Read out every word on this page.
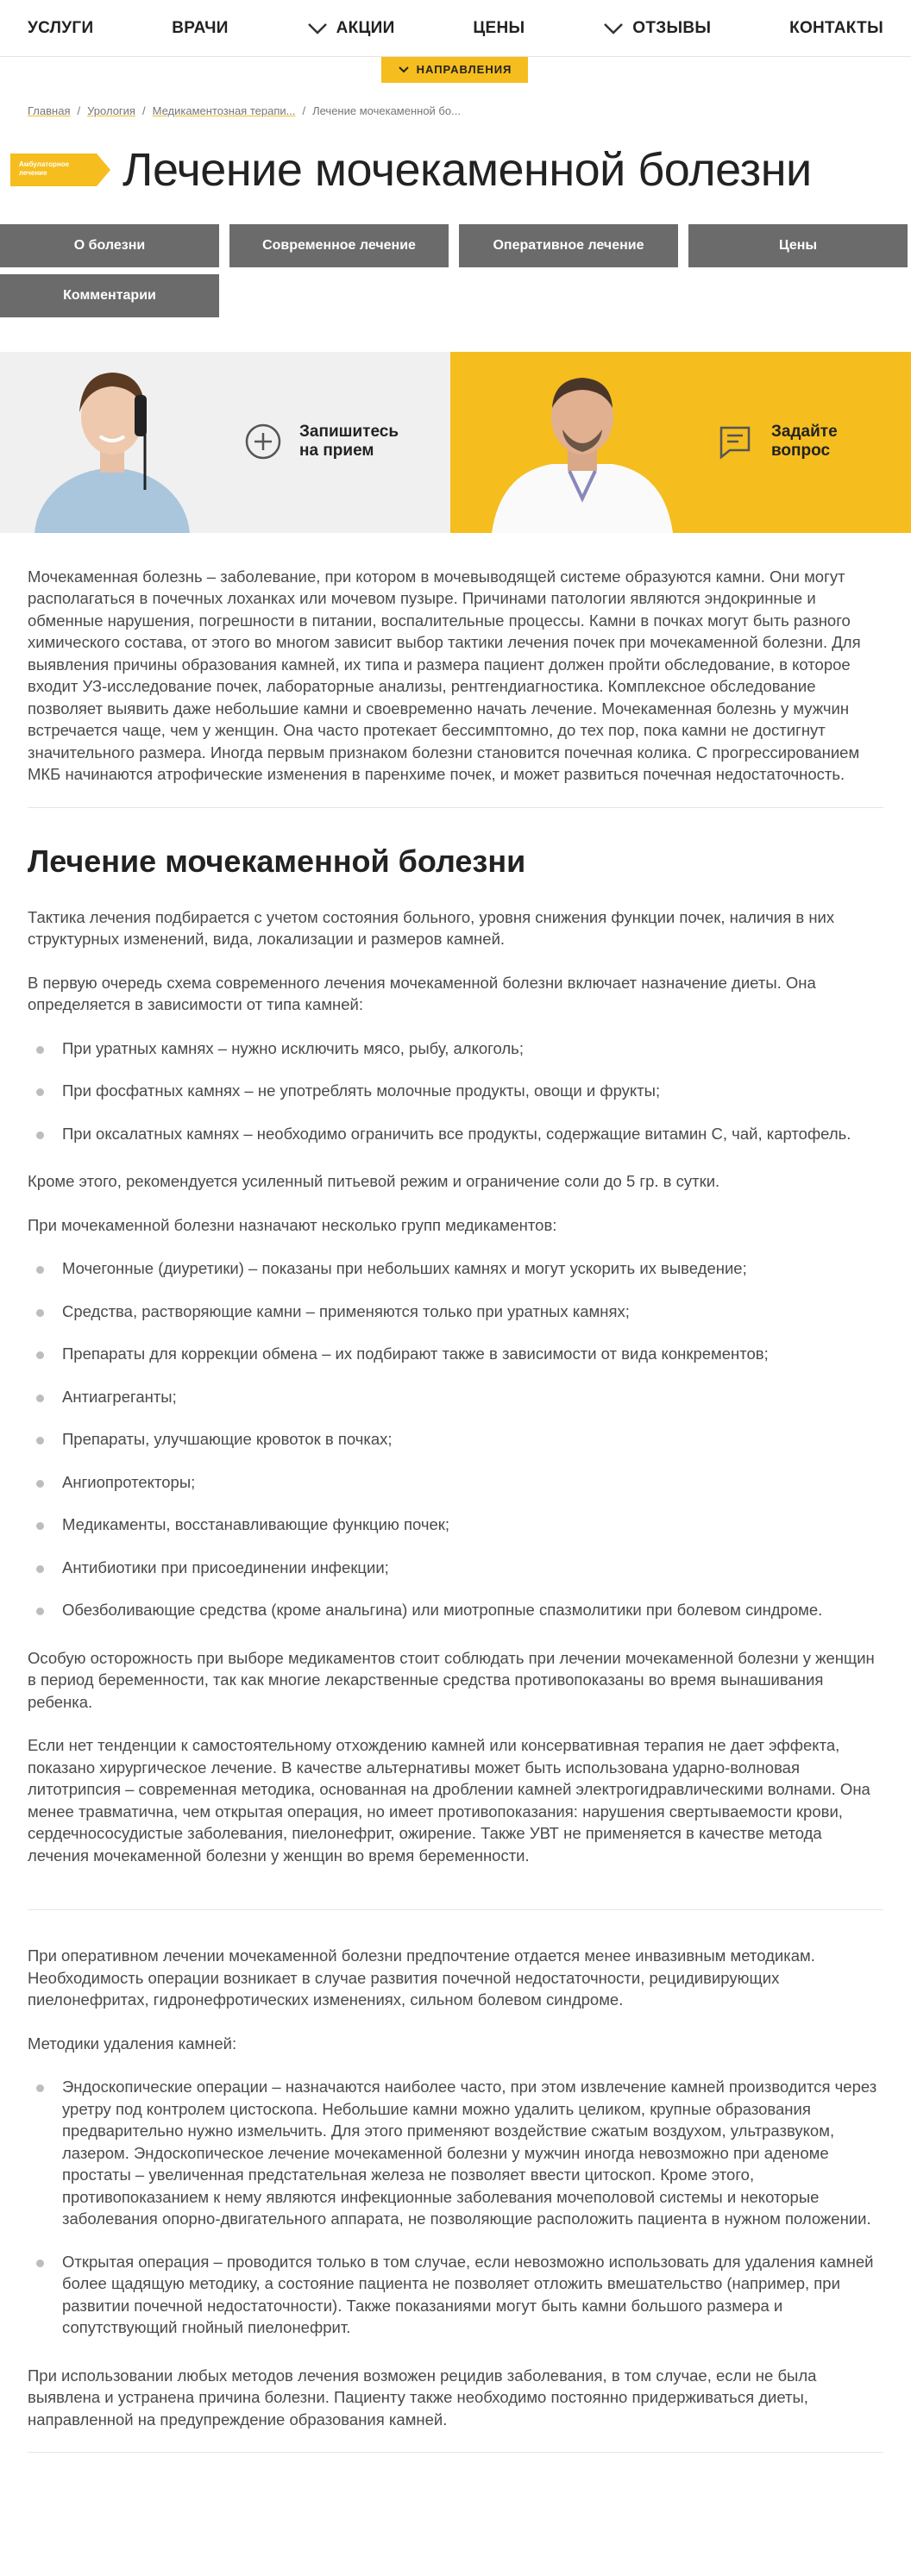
УСЛУГИ	ВРАЧИ	АКЦИИ	ЦЕНЫ	ОТЗЫВЫ	КОНТАКТЫ
НАПРАВЛЕНИЯ
Главная / Урология / Медикаментозная терапи... / Лечение мочекаменной бо...
Амбулаторное лечение	Лечение мочекаменной болезни
О болезни	Современное лечение	Оперативное лечение	Цены
Комментарии
Запишитесь на прием
Задайте вопрос

Мочекаменная болезнь – заболевание, при котором в мочевыводящей системе образуются камни. Они могут располагаться в почечных лоханках или мочевом пузыре. Причинами патологии являются эндокринные и обменные нарушения, погрешности в питании, воспалительные процессы. Камни в почках могут быть разного химического состава, от этого во многом зависит выбор тактики лечения почек при мочекаменной болезни. Для выявления причины образования камней, их типа и размера пациент должен пройти обследование, в которое входит УЗ-исследование почек, лабораторные анализы, рентгендиагностика. Комплексное обследование позволяет выявить даже небольшие камни и своевременно начать лечение. Мочекаменная болезнь у мужчин встречается чаще, чем у женщин. Она часто протекает бессимптомно, до тех пор, пока камни не достигнут значительного размера. Иногда первым признаком болезни становится почечная колика. С прогрессированием МКБ начинаются атрофические изменения в паренхиме почек, и может развиться почечная недостаточность.

Лечение мочекаменной болезни

Тактика лечения подбирается с учетом состояния больного, уровня снижения функции почек, наличия в них структурных изменений, вида, локализации и размеров камней.

В первую очередь схема современного лечения мочекаменной болезни включает назначение диеты. Она определяется в зависимости от типа камней:

При уратных камнях – нужно исключить мясо, рыбу, алкоголь;
При фосфатных камнях – не употреблять молочные продукты, овощи и фрукты;
При оксалатных камнях – необходимо ограничить все продукты, содержащие витамин С, чай, картофель.

Кроме этого, рекомендуется усиленный питьевой режим и ограничение соли до 5 гр. в сутки.

При мочекаменной болезни назначают несколько групп медикаментов:

Мочегонные (диуретики) – показаны при небольших камнях и могут ускорить их выведение;
Средства, растворяющие камни – применяются только при уратных камнях;
Препараты для коррекции обмена – их подбирают также в зависимости от вида конкрементов;
Антиагреганты;
Препараты, улучшающие кровоток в почках;
Ангиопротекторы;
Медикаменты, восстанавливающие функцию почек;
Антибиотики при присоединении инфекции;
Обезболивающие средства (кроме анальгина) или миотропные спазмолитики при болевом синдроме.

Особую осторожность при выборе медикаментов стоит соблюдать при лечении мочекаменной болезни у женщин в период беременности, так как многие лекарственные средства противопоказаны во время вынашивания ребенка.

Если нет тенденции к самостоятельному отхождению камней или консервативная терапия не дает эффекта, показано хирургическое лечение. В качестве альтернативы может быть использована ударно-волновая литотрипсия – современная методика, основанная на дроблении камней электрогидравлическими волнами. Она менее травматична, чем открытая операция, но имеет противопоказания: нарушения свертываемости крови, сердечнососудистые заболевания, пиелонефрит, ожирение. Также УВТ не применяется в качестве метода лечения мочекаменной болезни у женщин во время беременности.

При оперативном лечении мочекаменной болезни предпочтение отдается менее инвазивным методикам. Необходимость операции возникает в случае развития почечной недостаточности, рецидивирующих пиелонефритах, гидронефротических изменениях, сильном болевом синдроме.

Методики удаления камней:

Эндоскопические операции – назначаются наиболее часто, при этом извлечение камней производится через уретру под контролем цистоскопа. Небольшие камни можно удалить целиком, крупные образования предварительно нужно измельчить. Для этого применяют воздействие сжатым воздухом, ультразвуком, лазером. Эндоскопическое лечение мочекаменной болезни у мужчин иногда невозможно при аденоме простаты – увеличенная предстательная железа не позволяет ввести цитоскоп. Кроме этого, противопоказанием к нему являются инфекционные заболевания мочеполовой системы и некоторые заболевания опорно-двигательного аппарата, не позволяющие расположить пациента в нужном положении.
Открытая операция – проводится только в том случае, если невозможно использовать для удаления камней более щадящую методику, а состояние пациента не позволяет отложить вмешательство (например, при развитии почечной недостаточности). Также показаниями могут быть камни большого размера и сопутствующий гнойный пиелонефрит.

При использовании любых методов лечения возможен рецидив заболевания, в том случае, если не была выявлена и устранена причина болезни. Пациенту также необходимо постоянно придерживаться диеты, направленной на предупреждение образования камней.
